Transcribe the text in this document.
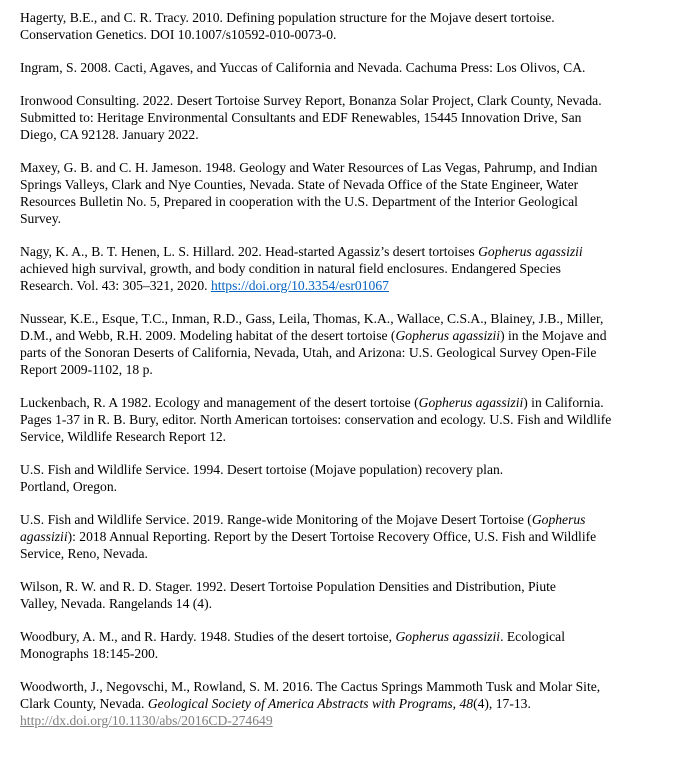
Hagerty, B.E., and C. R. Tracy. 2010. Defining population structure for the Mojave desert tortoise.
Conservation Genetics. DOI 10.1007/s10592-010-0073-0.
Ingram, S. 2008. Cacti, Agaves, and Yuccas of California and Nevada. Cachuma Press: Los Olivos, CA.
Ironwood Consulting. 2022. Desert Tortoise Survey Report, Bonanza Solar Project, Clark County, Nevada.
Submitted to: Heritage Environmental Consultants and EDF Renewables, 15445 Innovation Drive, San
Diego, CA 92128. January 2022.
Maxey, G. B. and C. H. Jameson. 1948. Geology and Water Resources of Las Vegas, Pahrump, and Indian
Springs Valleys, Clark and Nye Counties, Nevada. State of Nevada Office of the State Engineer, Water
Resources Bulletin No. 5, Prepared in cooperation with the U.S. Department of the Interior Geological
Survey.
Nagy, K. A., B. T. Henen, L. S. Hillard. 202. Head-started Agassiz’s desert tortoises Gopherus agassizii
achieved high survival, growth, and body condition in natural field enclosures. Endangered Species
Research. Vol. 43: 305–321, 2020. https://doi.org/10.3354/esr01067
Nussear, K.E., Esque, T.C., Inman, R.D., Gass, Leila, Thomas, K.A., Wallace, C.S.A., Blainey, J.B., Miller,
D.M., and Webb, R.H. 2009. Modeling habitat of the desert tortoise (Gopherus agassizii) in the Mojave and
parts of the Sonoran Deserts of California, Nevada, Utah, and Arizona: U.S. Geological Survey Open-File
Report 2009-1102, 18 p.
Luckenbach, R. A 1982. Ecology and management of the desert tortoise (Gopherus agassizii) in California.
Pages 1-37 in R. B. Bury, editor. North American tortoises: conservation and ecology. U.S. Fish and Wildlife
Service, Wildlife Research Report 12.
U.S. Fish and Wildlife Service. 1994. Desert tortoise (Mojave population) recovery plan.
Portland, Oregon.
U.S. Fish and Wildlife Service. 2019. Range-wide Monitoring of the Mojave Desert Tortoise (Gopherus
agassizii): 2018 Annual Reporting. Report by the Desert Tortoise Recovery Office, U.S. Fish and Wildlife
Service, Reno, Nevada.
Wilson, R. W. and R. D. Stager. 1992. Desert Tortoise Population Densities and Distribution, Piute
Valley, Nevada. Rangelands 14 (4).
Woodbury, A. M., and R. Hardy. 1948. Studies of the desert tortoise, Gopherus agassizii. Ecological
Monographs 18:145-200.
Woodworth, J., Negovschi, M., Rowland, S. M. 2016. The Cactus Springs Mammoth Tusk and Molar Site,
Clark County, Nevada. Geological Society of America Abstracts with Programs, 48(4), 17-13.
http://dx.doi.org/10.1130/abs/2016CD-274649
